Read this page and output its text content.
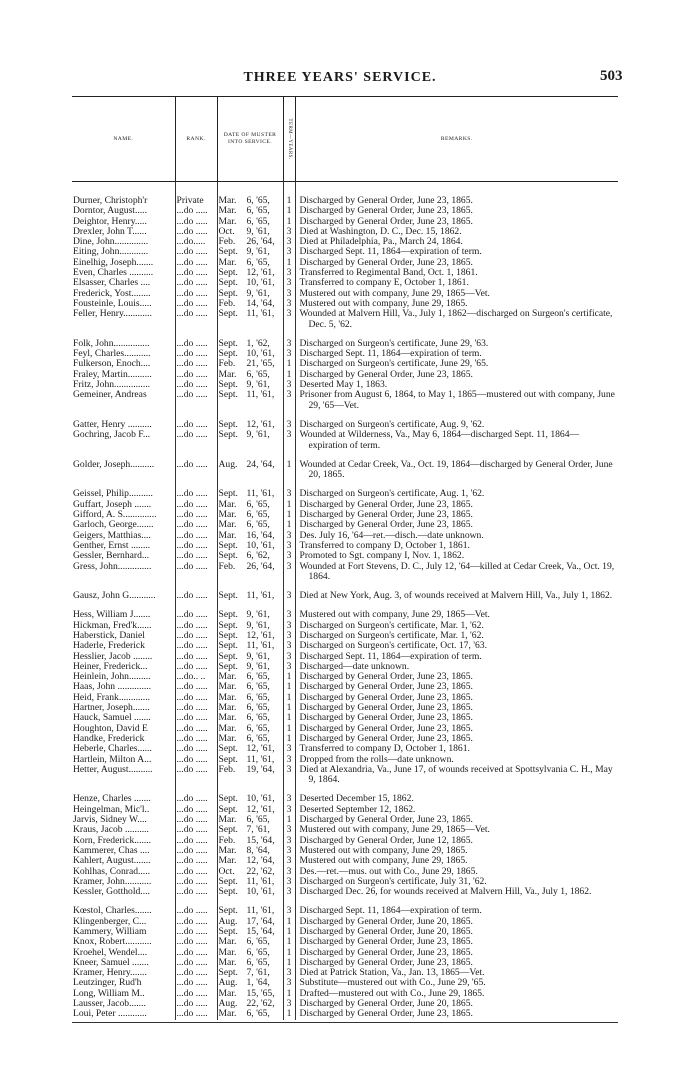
THREE YEARS' SERVICE.	503
NAME.	RANK.	DATE OF MUSTER INTO SERVICE.	TERM—YEARS.	REMARKS.
Durner, Christoph'r	Private	Mar. 6, '65,	1	Discharged by General Order, June 23, 1865.

Dorntor, August.....	...do .....	Mar. 6, '65,	1	Discharged by General Order, June 23, 1865.

Deightor, Henry.....	...do .....	Mar. 6, '65,	1	Discharged by General Order, June 23, 1865.

Drexler, John T......	...do .....	Oct. 9, '61,	3	Died at Washington, D. C., Dec. 15, 1862.

Dine, John..............	...do.....	Feb. 26, '64,	3	Died at Philadelphia, Pa., March 24, 1864.

Eiting, John............	...do .....	Sept. 9, '61,	3	Discharged Sept. 11, 1864—expiration of term.

Einelhig, Joseph.......	...do .....	Mar. 6, '65,	1	Discharged by General Order, June 23, 1865.

Even, Charles ..........	...do .....	Sept. 12, '61,	3	Transferred to Regimental Band, Oct. 1, 1861.

Elsasser, Charles ....	...do .....	Sept. 10, '61,	3	Transferred to company E, October 1, 1861.

Frederick, Yost........	...do .....	Sept. 9, '61,	3	Mustered out with company, June 29, 1865—Vet.

Fousteinle, Louis.....	...do .....	Feb. 14, '64,	3	Mustered out with company, June 29, 1865.

Feller, Henry............	...do .....	Sept. 11, '61,	3	Wounded at Malvern Hill, Va., July 1, 1862—discharged on Surgeon's certificate, Dec. 5, '62.

Folk, John...............	...do .....	Sept. 1, '62,	3	Discharged on Surgeon's certificate, June 29, '63.

Feyl, Charles...........	...do .....	Sept. 10, '61,	3	Discharged Sept. 11, 1864—expiration of term.

Fulkerson, Enoch....	...do .....	Feb. 21, '65,	1	Discharged on Surgeon's certificate, June 29, '65.

Fraley, Martin..........	...do .....	Mar. 6, '65,	1	Discharged by General Order, June 23, 1865.

Fritz, John...............	...do .....	Sept. 9, '61,	3	Deserted May 1, 1863.

Gemeiner, Andreas	...do .....	Sept. 11, '61,	3	Prisoner from August 6, 1864, to May 1, 1865—mustered out with company, June 29, '65—Vet.

Gatter, Henry ..........	...do .....	Sept. 12, '61,	3	Discharged on Surgeon's certificate, Aug. 9, '62.

Gochring, Jacob F...	...do .....	Sept. 9, '61,	3	Wounded at Wilderness, Va., May 6, 1864—discharged Sept. 11, 1864—expiration of term.

Golder, Joseph..........	...do .....	Aug. 24, '64,	1	Wounded at Cedar Creek, Va., Oct. 19, 1864—discharged by General Order, June 20, 1865.

Geissel, Philip..........	...do .....	Sept. 11, '61,	3	Discharged on Surgeon's certificate, Aug. 1, '62.

Guffart, Joseph .......	...do .....	Mar. 6, '65,	1	Discharged by General Order, June 23, 1865.

Gifford, A. S..............	...do .....	Mar. 6, '65,	1	Discharged by General Order, June 23, 1865.

Garloch, George.......	...do .....	Mar. 6, '65,	1	Discharged by General Order, June 23, 1865.

Geigers, Matthias....	...do .....	Mar. 16, '64,	3	Des. July 16, '64—ret.—disch.—date unknown.

Genther, Ernst ........	...do .....	Sept. 10, '61,	3	Transferred to company D, October 1, 1861.

Gessler, Bernhard...	...do .....	Sept. 6, '62,	3	Promoted to Sgt. company I, Nov. 1, 1862.

Gress, John..............	...do .....	Feb. 26, '64,	3	Wounded at Fort Stevens, D. C., July 12, '64—killed at Cedar Creek, Va., Oct. 19, 1864.

Gausz, John G...........	...do .....	Sept. 11, '61,	3	Died at New York, Aug. 3, of wounds received at Malvern Hill, Va., July 1, 1862.

Hess, William J.......	...do .....	Sept. 9, '61,	3	Mustered out with company, June 29, 1865—Vet.

Hickman, Fred'k......	...do .....	Sept. 9, '61,	3	Discharged on Surgeon's certificate, Mar. 1, '62.

Haberstick, Daniel	...do .....	Sept. 12, '61,	3	Discharged on Surgeon's certificate, Mar. 1, '62.

Haderle, Frederick	...do .....	Sept. 11, '61,	3	Discharged on Surgeon's certificate, Oct. 17, '63.

Hesslier, Jacob ........	...do .....	Sept. 9, '61,	3	Discharged Sept. 11, 1864—expiration of term.

Heiner, Frederick...	...do .....	Sept. 9, '61,	3	Discharged—date unknown.

Heinlein, John.........	...do.. ..	Mar. 6, '65,	1	Discharged by General Order, June 23, 1865.

Haas, John ..............	...do .....	Mar. 6, '65,	1	Discharged by General Order, June 23, 1865.

Heid, Frank.............	...do .....	Mar. 6, '65,	1	Discharged by General Order, June 23, 1865.

Hartner, Joseph.......	...do .....	Mar. 6, '65,	1	Discharged by General Order, June 23, 1865.

Hauck, Samuel .......	...do .....	Mar. 6, '65,	1	Discharged by General Order, June 23, 1865.

Houghton, David E	...do .....	Mar. 6, '65,	1	Discharged by General Order, June 23, 1865.

Handke, Frederick	...do .....	Mar. 6, '65,	1	Discharged by General Order, June 23, 1865.

Heberle, Charles......	...do .....	Sept. 12, '61,	3	Transferred to company D, October 1, 1861.

Hartlein, Milton A...	...do .....	Sept. 11, '61,	3	Dropped from the rolls—date unknown.

Hetter, August..........	...do .....	Feb. 19, '64,	3	Died at Alexandria, Va., June 17, of wounds received at Spottsylvania C. H., May 9, 1864.

Henze, Charles .......	...do .....	Sept. 10, '61,	3	Deserted December 15, 1862.

Heingelman, Mic'l..	...do .....	Sept. 12, '61,	3	Deserted September 12, 1862.

Jarvis, Sidney W....	...do .....	Mar. 6, '65,	1	Discharged by General Order, June 23, 1865.

Kraus, Jacob ..........	...do .....	Sept. 7, '61,	3	Mustered out with company, June 29, 1865—Vet.

Korn, Frederick.......	...do .....	Feb. 15, '64,	3	Discharged by General Order, June 12, 1865.

Kammerer, Chas ....	...do .....	Mar. 8, '64,	3	Mustered out with company, June 29, 1865.

Kahlert, August.......	...do .....	Mar. 12, '64,	3	Mustered out with company, June 29, 1865.

Kohlhas, Conrad.....	...do .....	Oct. 22, '62,	3	Des.—ret.—mus. out with Co., June 29, 1865.

Kramer, John...........	...do .....	Sept. 11, '61,	3	Discharged on Surgeon's certificate, July 31, '62.

Kessler, Gotthold....	...do .....	Sept. 10, '61,	3	Discharged Dec. 26, for wounds received at Malvern Hill, Va., July 1, 1862.

Kœstol, Charles.......	...do .....	Sept. 11, '61,	3	Discharged Sept. 11, 1864—expiration of term.

Klingenberger, C...	...do .....	Aug. 17, '64,	1	Discharged by General Order, June 20, 1865.

Kammery, William	...do .....	Sept. 15, '64,	1	Discharged by General Order, June 20, 1865.

Knox, Robert...........	...do .....	Mar. 6, '65,	1	Discharged by General Order, June 23, 1865.

Kroehel, Wendel....	...do .....	Mar. 6, '65,	1	Discharged by General Order, June 23, 1865.

Kneer, Samuel .......	...do .....	Mar. 6, '65,	1	Discharged by General Order, June 23, 1865.

Kramer, Henry.......	...do .....	Sept. 7, '61,	3	Died at Patrick Station, Va., Jan. 13, 1865—Vet.

Leutzinger, Rud'h	...do .....	Aug. 1, '64,	3	Substitute—mustered out with Co., June 29, '65.

Long, William M..	...do .....	Mar. 15, '65,	1	Drafted—mustered out with Co., June 29, 1865.

Lausser, Jacob.......	...do .....	Aug. 22, '62,	3	Discharged by General Order, June 20, 1865.

Loui, Peter ............	...do .....	Mar. 6, '65,	1	Discharged by General Order, June 23, 1865.
